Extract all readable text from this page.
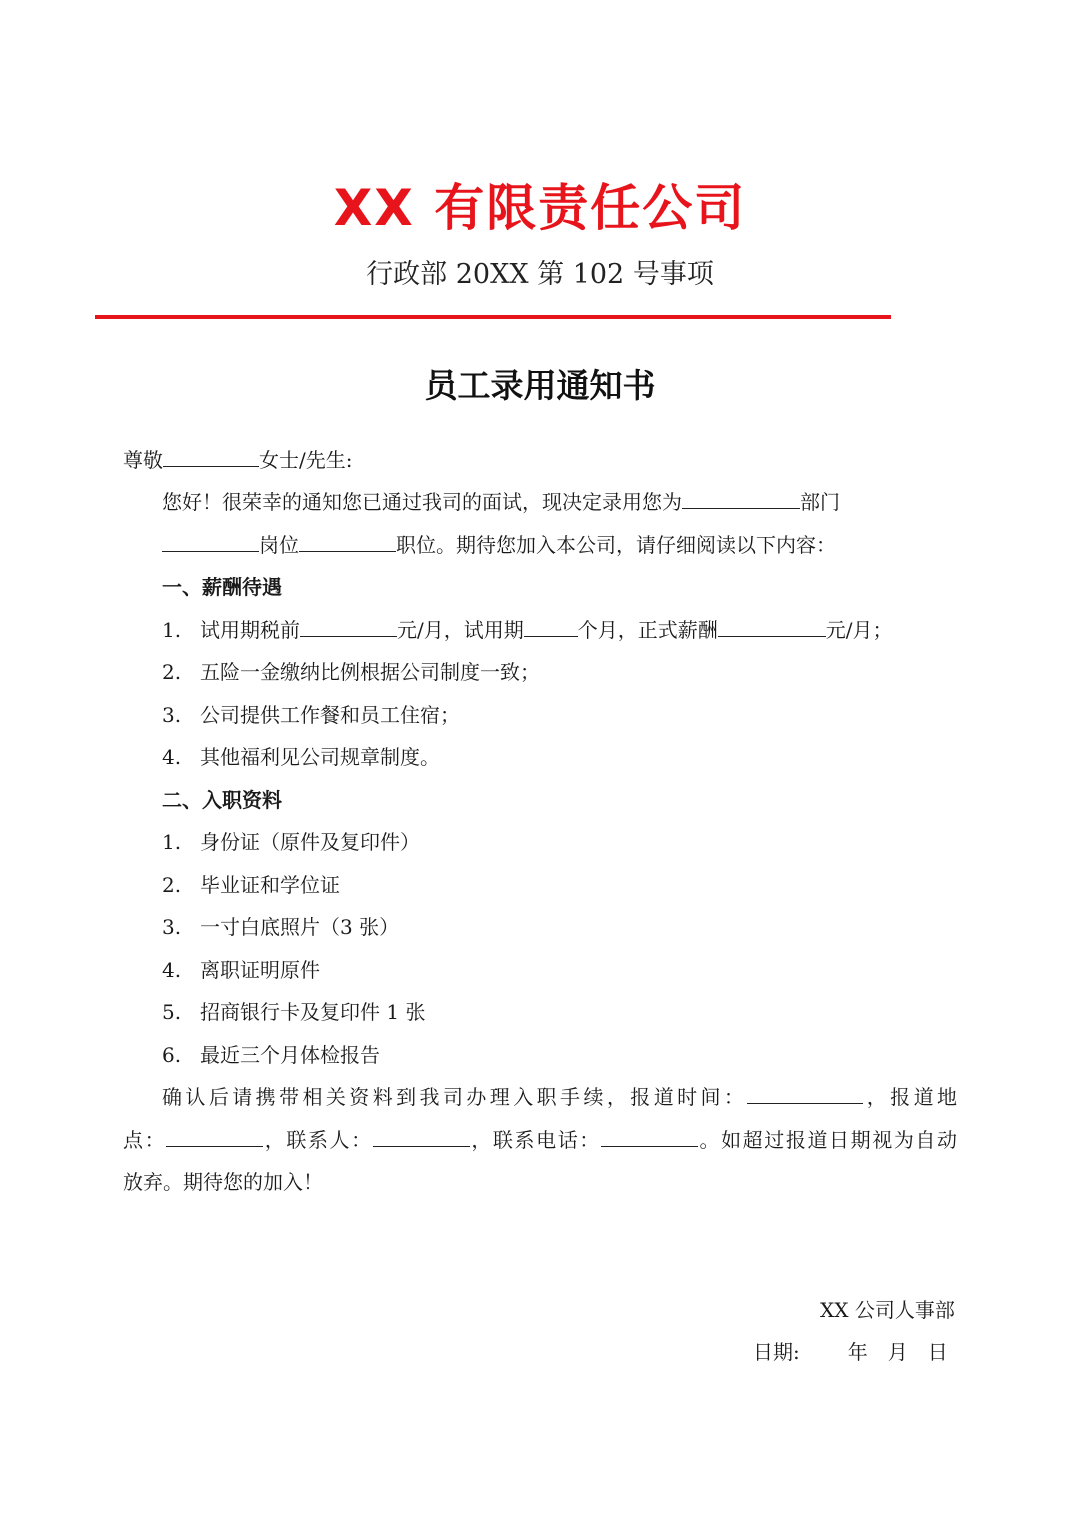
XX 有限责任公司
行政部 20XX 第 102 号事项
员工录用通知书
尊敬	女士/先生:
您好！很荣幸的通知您已通过我司的面试，现决定录用您为	部门
岗位	职位。期待您加入本公司，请仔细阅读以下内容：
一、薪酬待遇
1. 试用期税前	元/月，试用期	个月，正式薪酬	元/月；
2. 五险一金缴纳比例根据公司制度一致；
3. 公司提供工作餐和员工住宿；
4. 其他福利见公司规章制度。
二、入职资料
1. 身份证（原件及复印件）
2. 毕业证和学位证
3. 一寸白底照片（3 张）
4. 离职证明原件
5. 招商银行卡及复印件 1 张
6. 最近三个月体检报告
确认后请携带相关资料到我司办理入职手续，报道时间：	，报道地
点：	，联系人：	，联系电话：	。如超过报道日期视为自动
放弃。期待您的加入！
XX 公司人事部
日期: 年 月 日
